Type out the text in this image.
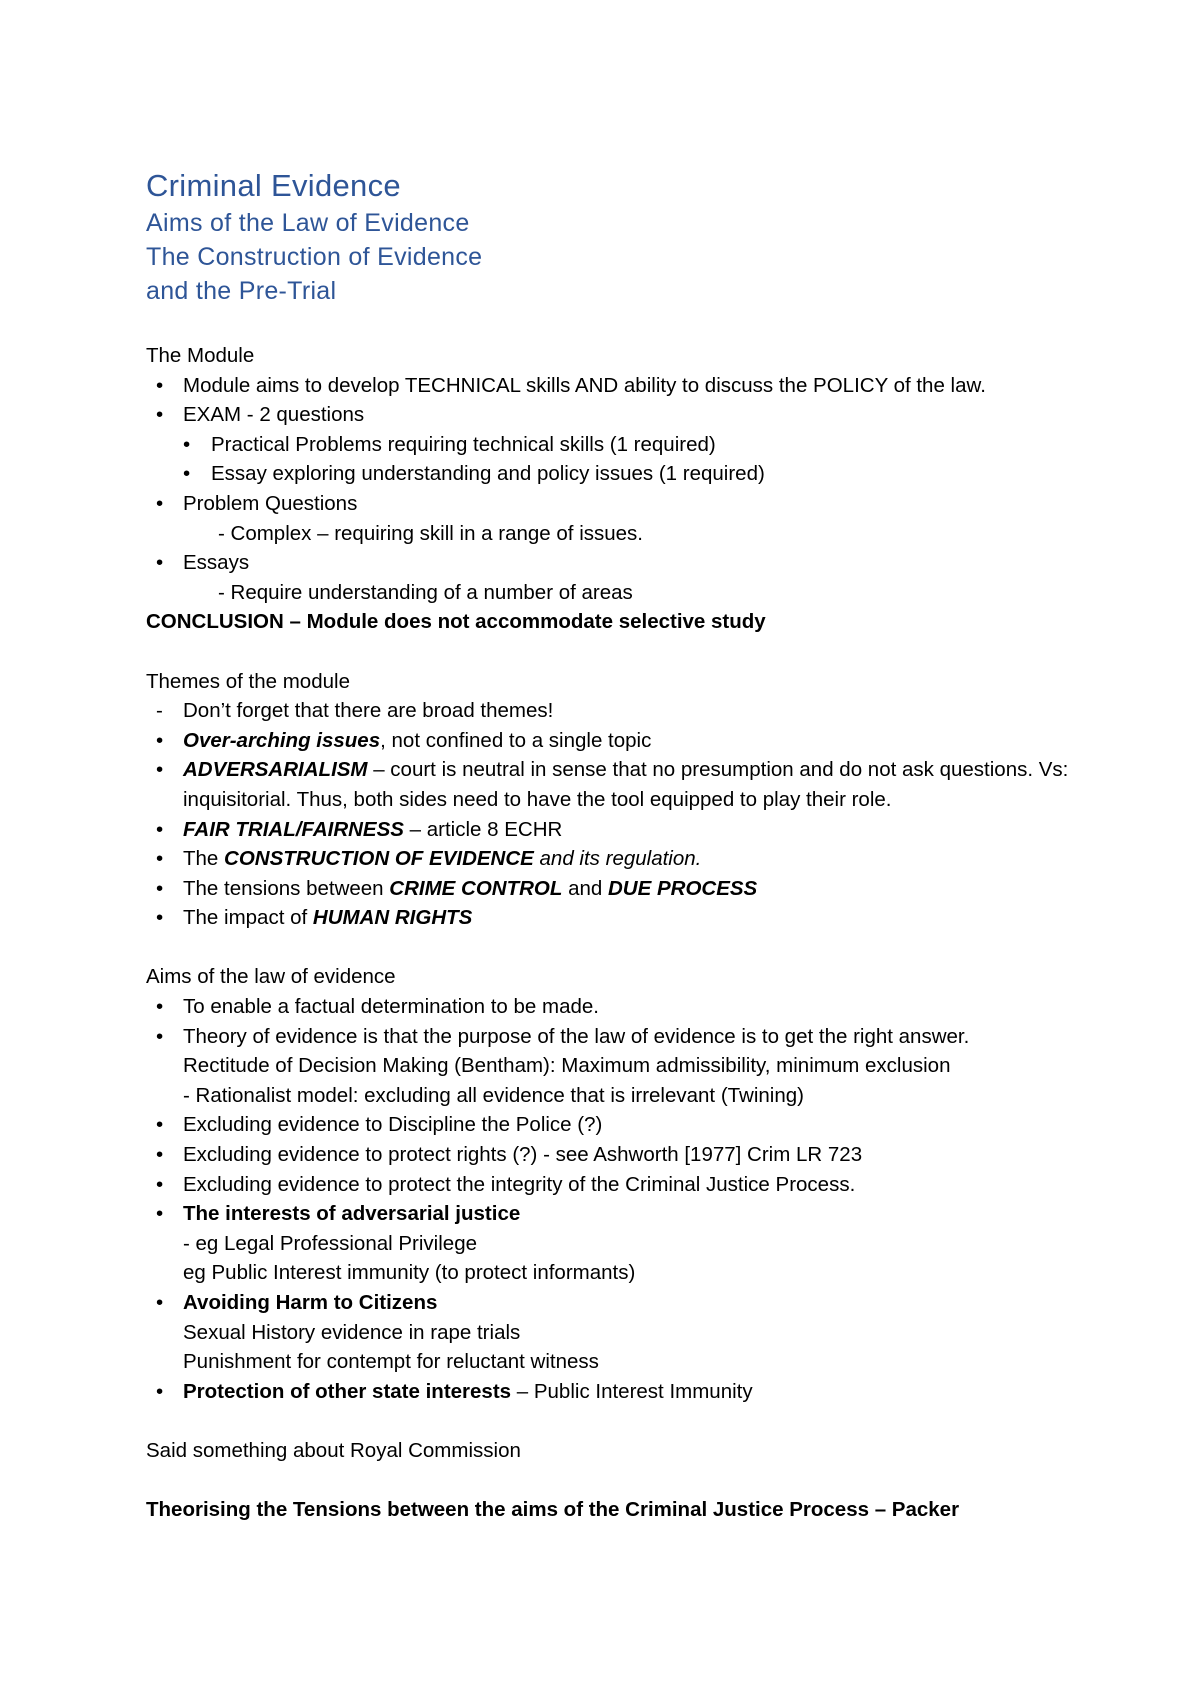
Criminal Evidence
Aims of the Law of Evidence
The Construction of Evidence
and the Pre-Trial
The Module
• Module aims to develop TECHNICAL skills AND ability to discuss the POLICY of the law.
• EXAM - 2 questions
• Practical Problems requiring technical skills (1 required)
• Essay exploring understanding and policy issues (1 required)
• Problem Questions
- Complex – requiring skill in a range of issues.
• Essays
- Require understanding of a number of areas
CONCLUSION – Module does not accommodate selective study
Themes of the module
- Don’t forget that there are broad themes!
• Over-arching issues, not confined to a single topic
• ADVERSARIALISM – court is neutral in sense that no presumption and do not ask questions. Vs: inquisitorial. Thus, both sides need to have the tool equipped to play their role.
• FAIR TRIAL/FAIRNESS – article 8 ECHR
• The CONSTRUCTION OF EVIDENCE and its regulation.
• The tensions between CRIME CONTROL and DUE PROCESS
• The impact of HUMAN RIGHTS
Aims of the law of evidence
• To enable a factual determination to be made.
• Theory of evidence is that the purpose of the law of evidence is to get the right answer.
Rectitude of Decision Making (Bentham): Maximum admissibility, minimum exclusion
- Rationalist model: excluding all evidence that is irrelevant (Twining)
• Excluding evidence to Discipline the Police (?)
• Excluding evidence to protect rights (?) - see Ashworth [1977] Crim LR 723
• Excluding evidence to protect the integrity of the Criminal Justice Process.
• The interests of adversarial justice
- eg Legal Professional Privilege
eg Public Interest immunity (to protect informants)
• Avoiding Harm to Citizens
Sexual History evidence in rape trials
Punishment for contempt for reluctant witness
• Protection of other state interests – Public Interest Immunity
Said something about Royal Commission
Theorising the Tensions between the aims of the Criminal Justice Process – Packer
